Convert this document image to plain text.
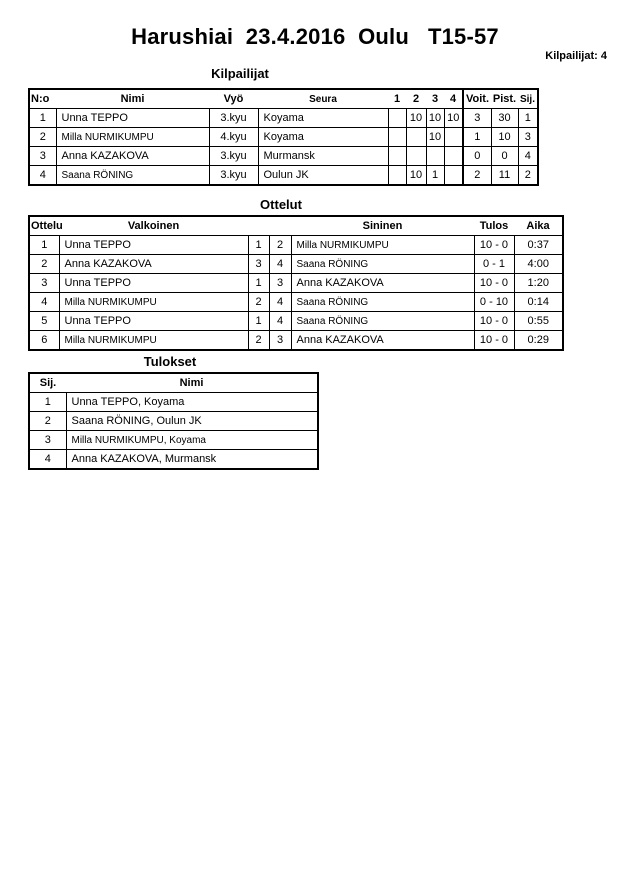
Harushiai  23.4.2016  Oulu   T15-57
Kilpailijat: 4
Kilpailijat
N:o	Nimi	Vyö	Seura	1	2	3	4	Voit.	Pist.	Sij.
1	Unna TEPPO	3.kyu	Koyama		10	10	10	3	30	1
2	Milla NURMIKUMPU	4.kyu	Koyama			10		1	10	3
3	Anna KAZAKOVA	3.kyu	Murmansk					0	0	4
4	Saana RÖNING	3.kyu	Oulun JK		10	1		2	11	2
Ottelut
Ottelu	Valkoinen			Sininen	Tulos	Aika
1	Unna TEPPO	1	2	Milla NURMIKUMPU	10 - 0	0:37
2	Anna KAZAKOVA	3	4	Saana RÖNING	0 - 1	4:00
3	Unna TEPPO	1	3	Anna KAZAKOVA	10 - 0	1:20
4	Milla NURMIKUMPU	2	4	Saana RÖNING	0 - 10	0:14
5	Unna TEPPO	1	4	Saana RÖNING	10 - 0	0:55
6	Milla NURMIKUMPU	2	3	Anna KAZAKOVA	10 - 0	0:29
Tulokset
Sij.	Nimi
1	Unna TEPPO, Koyama
2	Saana RÖNING, Oulun JK
3	Milla NURMIKUMPU, Koyama
4	Anna KAZAKOVA, Murmansk
